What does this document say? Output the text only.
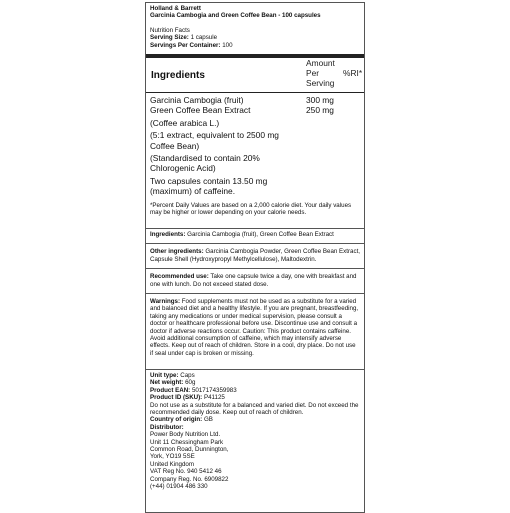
Holland & Barrett
Garcinia Cambogia and Green Coffee Bean - 100 capsules
Nutrition Facts
Serving Size: 1 capsule
Servings Per Container: 100
Ingredients
Amount
Per
Serving
%RI*
Garcinia Cambogia (fruit)	300 mg
Green Coffee Bean Extract	250 mg
(Coffee arabica L.)
(5:1 extract, equivalent to 2500 mg Coffee Bean)
(Standardised to contain 20% Chlorogenic Acid)
Two capsules contain 13.50 mg (maximum) of caffeine.
*Percent Daily Values are based on a 2,000 calorie diet. Your daily values may be higher or lower depending on your calorie needs.

Ingredients: Garcinia Cambogia (fruit), Green Coffee Bean Extract

Other ingredients: Garcinia Cambogia Powder, Green Coffee Bean Extract, Capsule Shell (Hydroxypropyl Methylcellulose), Maltodextrin.

Recommended use: Take one capsule twice a day, one with breakfast and one with lunch. Do not exceed stated dose.

Warnings: Food supplements must not be used as a substitute for a varied and balanced diet and a healthy lifestyle. If you are pregnant, breastfeeding, taking any medications or under medical supervision, please consult a doctor or healthcare professional before use. Discontinue use and consult a doctor if adverse reactions occur. Caution: This product contains caffeine. Avoid additional consumption of caffeine, which may intensify adverse effects. Keep out of reach of children. Store in a cool, dry place. Do not use if seal under cap is broken or missing.

Unit type: Caps
Net weight: 60g
Product EAN: 5017174359983
Product ID (SKU): P41125
Do not use as a substitute for a balanced and varied diet. Do not exceed the recommended daily dose. Keep out of reach of children.
Country of origin: GB
Distributor:
Power Body Nutrition Ltd.
Unit 11 Chessingham Park
Common Road, Dunnington,
York, YO19 5SE
United Kingdom
VAT Reg No. 940 5412 46
Company Reg. No. 6909822
(+44) 01904 486 330
